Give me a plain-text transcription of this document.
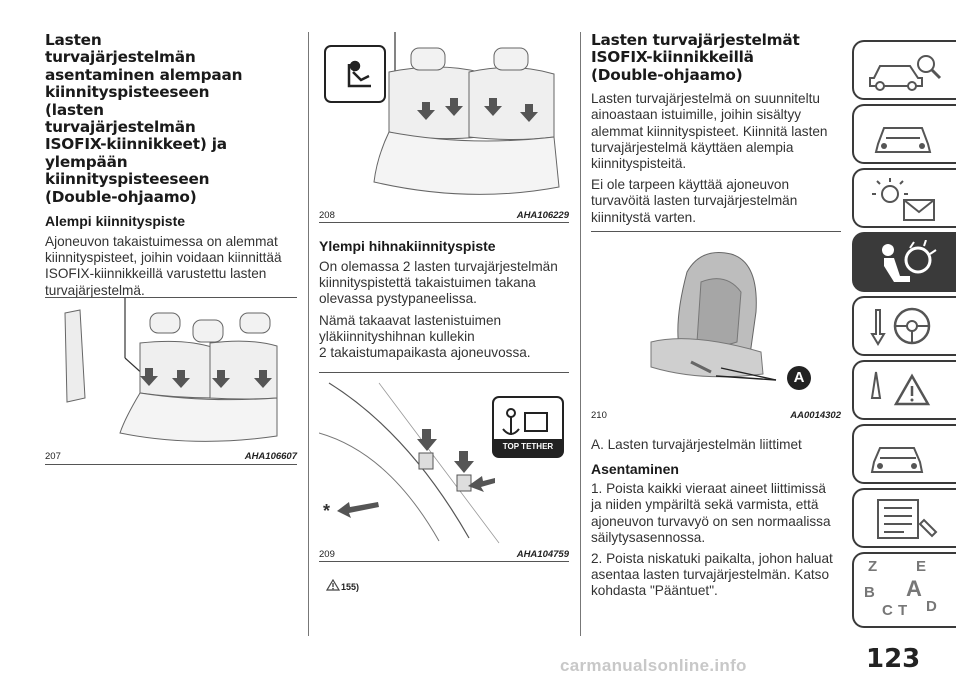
Lasten
turvajärjestelmän
asentaminen alempaan
kiinnityspisteeseen
(lasten
turvajärjestelmän
ISOFIX-kiinnikkeet) ja
ylempään
kiinnityspisteeseen
(Double-ohjaamo)
Alempi kiinnityspiste

Ajoneuvon takaistuimessa on alemmat
kiinnityspisteet, joihin voidaan kiinnittää
ISOFIX-kiinnikkeillä varustettu lasten
turvajärjestelmä.

207	AHA106607
208	AHA106229
Ylempi hihnakiinnityspiste

On olemassa 2 lasten turvajärjestelmän
kiinnityspistettä takaistuimen takana
olevassa pystypaneelissa.

Nämä takaavat lastenistuimen
yläkiinnityshihnan kullekin
2 takaistumapaikasta ajoneuvossa.

TOP TETHER
*
209	AHA104759
155)
Lasten turvajärjestelmät
ISOFIX-kiinnikkeillä
(Double-ohjaamo)

Lasten turvajärjestelmä on suunniteltu
ainoastaan istuimille, joihin sisältyy
alemmat kiinnityspisteet. Kiinnitä lasten
turvajärjestelmä käyttäen alempia
kiinnityspisteitä.

Ei ole tarpeen käyttää ajoneuvon
turvavöitä lasten turvajärjestelmän
kiinnitystä varten.

A
210	AA0014302

A. Lasten turvajärjestelmän liittimet

Asentaminen

1. Poista kaikki vieraat aineet liittimissä
ja niiden ympäriltä sekä varmista, että
ajoneuvon turvavyö on sen normaalissa
säilytysasennossa.

2. Poista niskatuki paikalta, johon haluat
asentaa lasten turvajärjestelmän. Katso
kohdasta "Pääntuet".

Z	E
A
B
C T D
123
carmanualsonline.info
